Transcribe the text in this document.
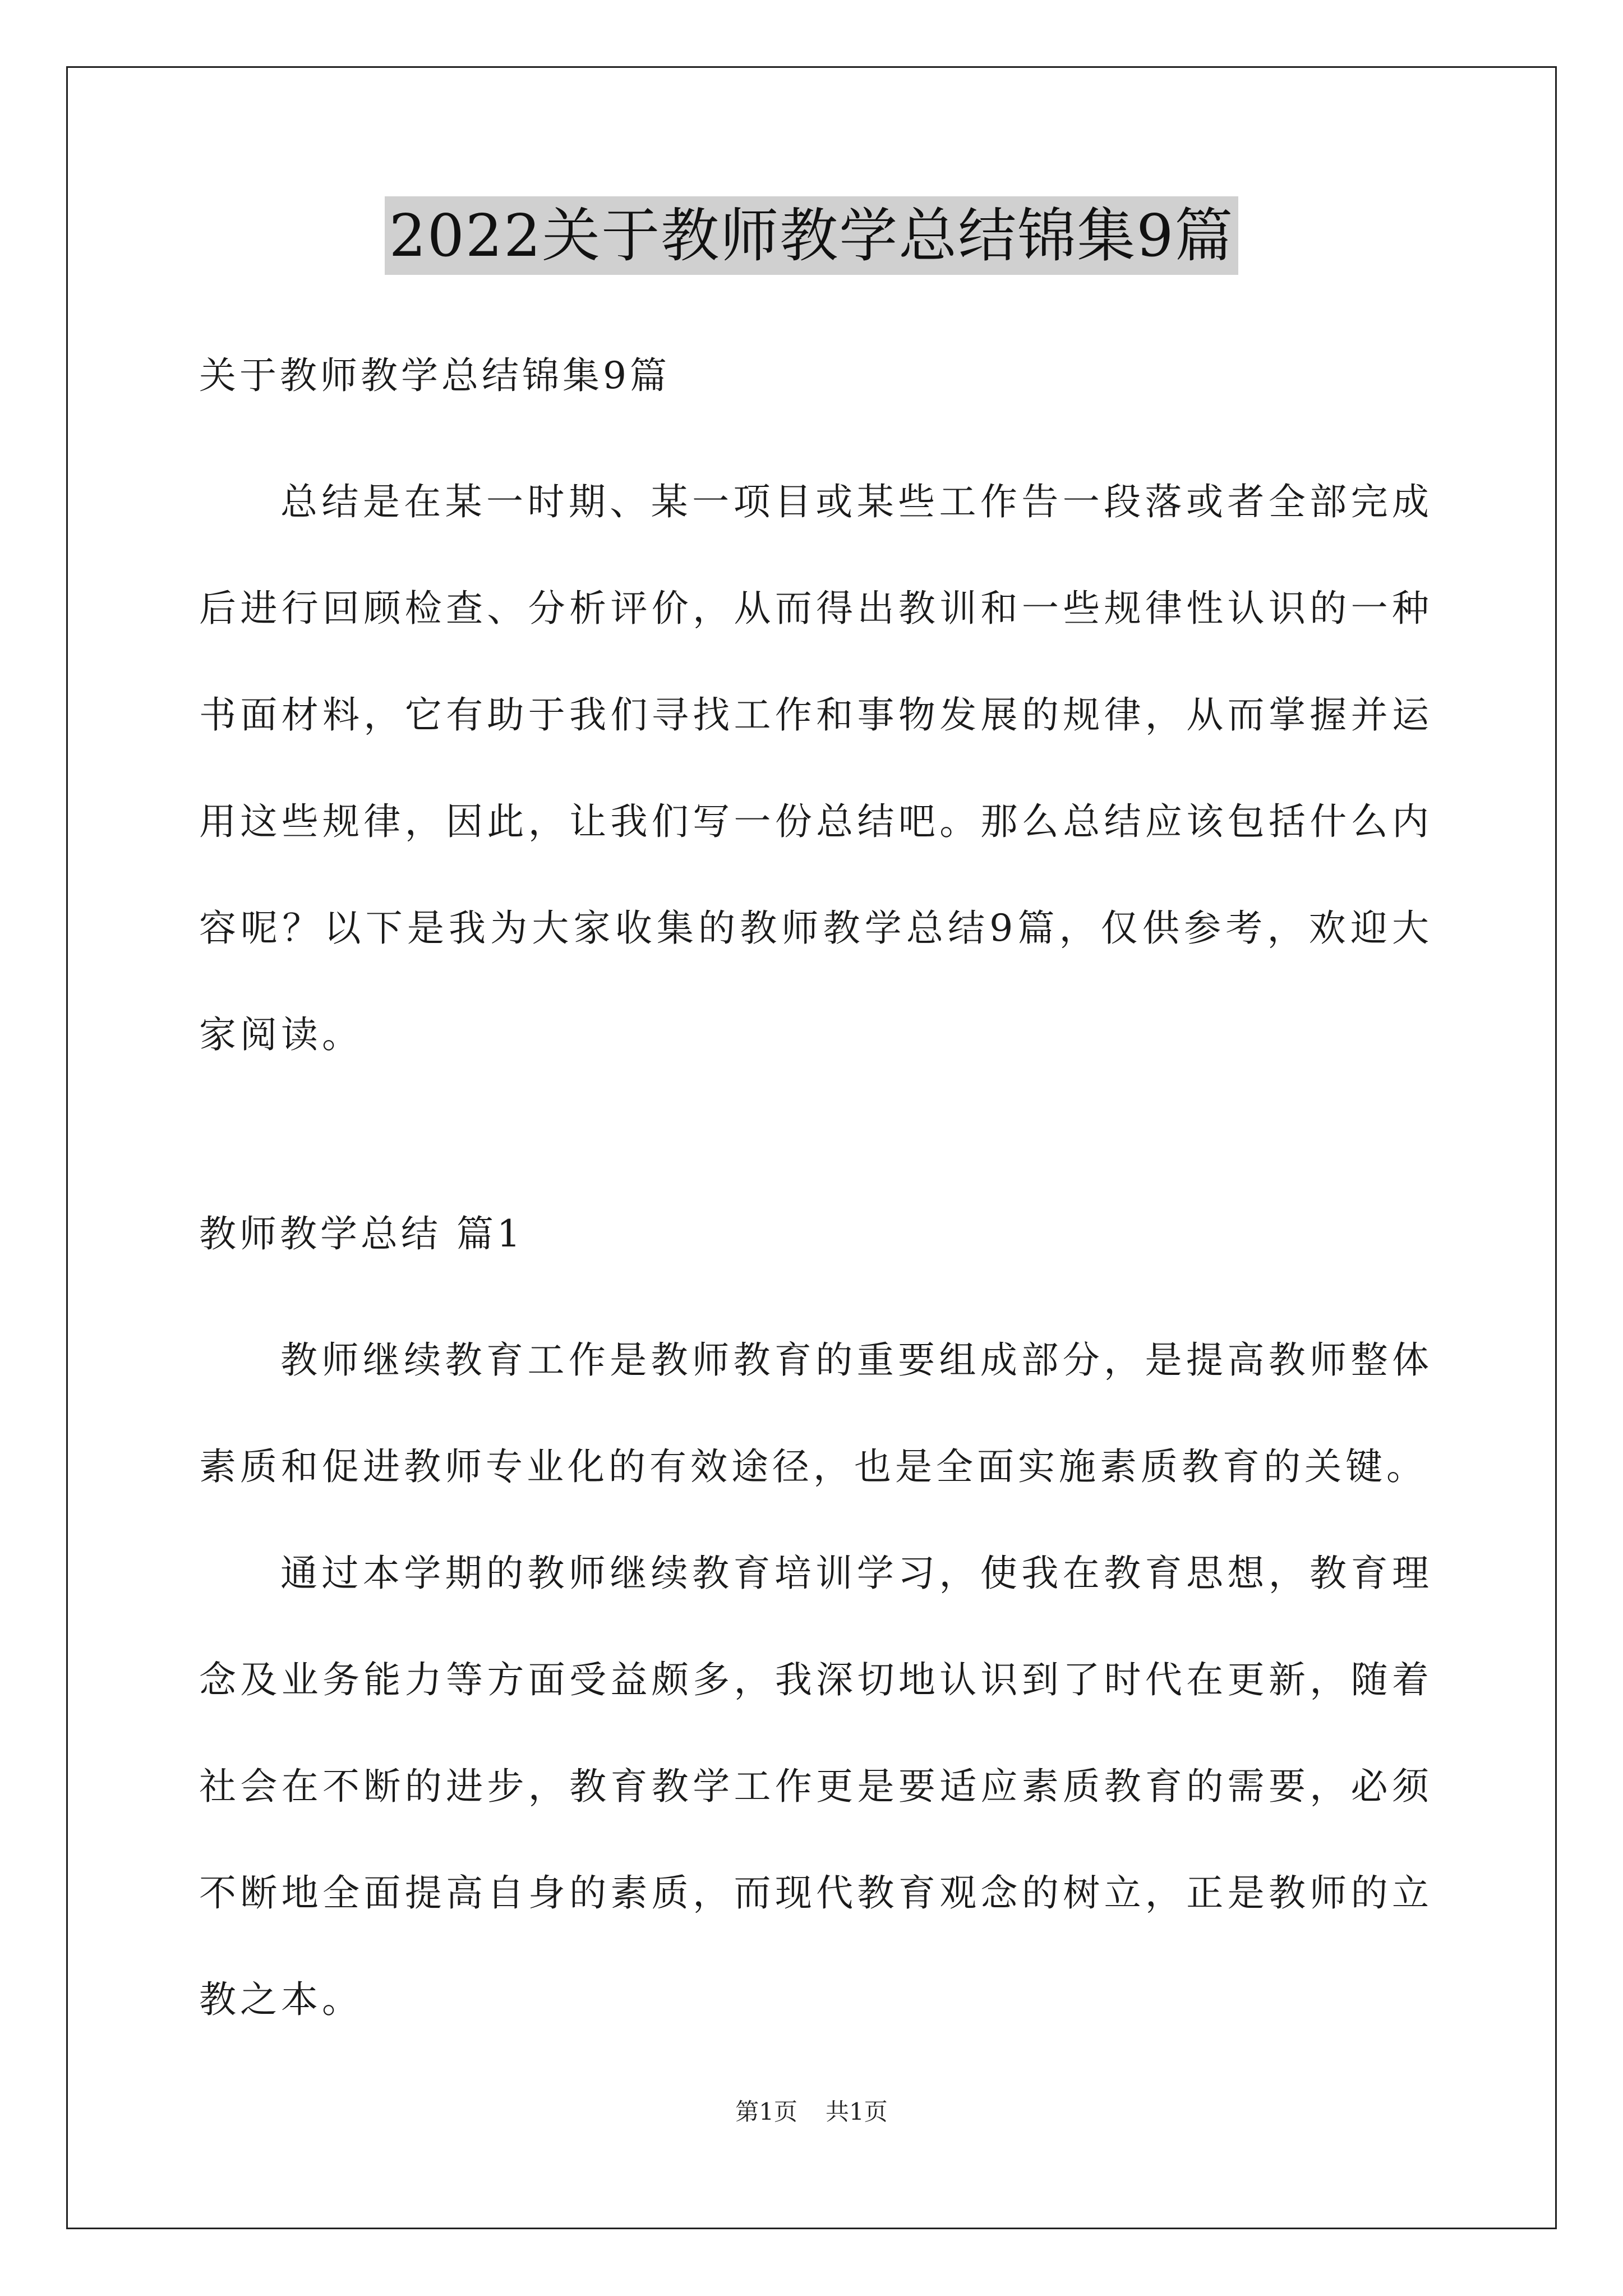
2022关于教师教学总结锦集9篇
关于教师教学总结锦集9篇
总结是在某一时期、某一项目或某些工作告一段落或者全部完成后进行回顾检查、分析评价，从而得出教训和一些规律性认识的一种书面材料，它有助于我们寻找工作和事物发展的规律，从而掌握并运用这些规律，因此，让我们写一份总结吧。那么总结应该包括什么内容呢？以下是我为大家收集的教师教学总结9篇，仅供参考，欢迎大家阅读。
教师教学总结 篇1
教师继续教育工作是教师教育的重要组成部分，是提高教师整体素质和促进教师专业化的有效途径，也是全面实施素质教育的关键。
通过本学期的教师继续教育培训学习，使我在教育思想，教育理念及业务能力等方面受益颇多，我深切地认识到了时代在更新，随着社会在不断的进步，教育教学工作更是要适应素质教育的需要，必须不断地全面提高自身的素质，而现代教育观念的树立，正是教师的立教之本。
第1页 共1页
